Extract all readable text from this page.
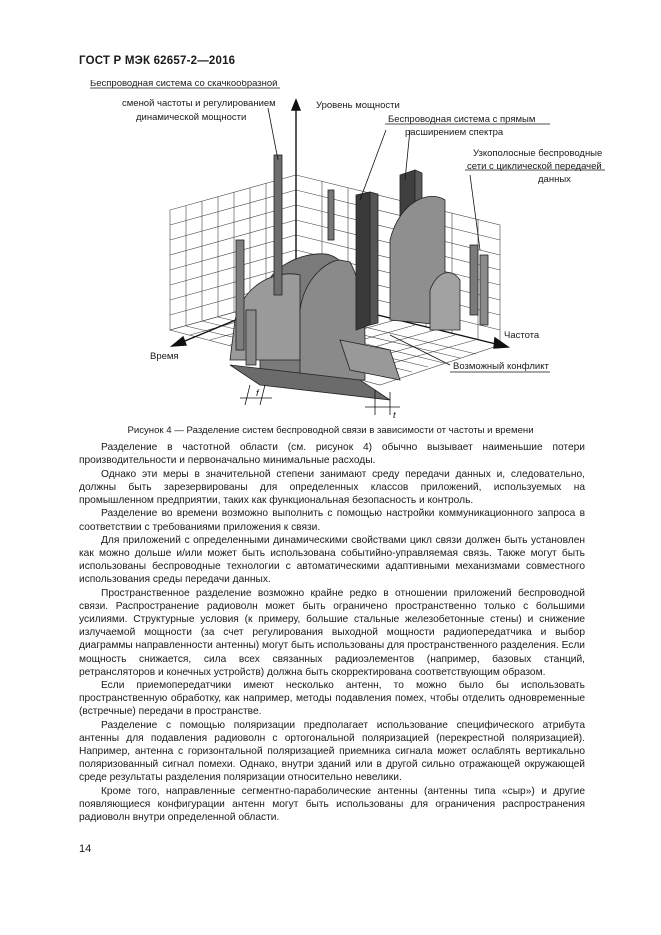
ГОСТ Р МЭК 62657-2—2016
Беспроводная система со скачкообразной
сменой частоты и регулированием
динамической мощности
Уровень мощности
Беспроводная система с прямым
расширением спектра
Узкополосные беспроводные
сети с циклической передачей
данных
Время
Частота
Возможный конфликт
f
t
Рисунок 4 — Разделение систем беспроводной связи в зависимости от частоты и времени

Разделение в частотной области (см. рисунок 4) обычно вызывает наименьшие потери производительности и первоначально минимальные расходы.

Однако эти меры в значительной степени занимают среду передачи данных и, следовательно, должны быть зарезервированы для определенных классов приложений, используемых на промышленном предприятии, таких как функциональная безопасность и контроль.

Разделение во времени возможно выполнить с помощью настройки коммуникационного запроса в соответствии с требованиями приложения к связи.

Для приложений с определенными динамическими свойствами цикл связи должен быть установлен как можно дольше и/или может быть использована событийно-управляемая связь. Также могут быть использованы беспроводные технологии с автоматическими адаптивными механизмами совместного использования среды передачи данных.

Пространственное разделение возможно крайне редко в отношении приложений беспроводной связи. Распространение радиоволн может быть ограничено пространственно только с большими усилиями. Структурные условия (к примеру, большие стальные железобетонные стены) и снижение излучаемой мощности (за счет регулирования выходной мощности радиопередатчика и выбор диаграммы направленности антенны) могут быть использованы для пространственного разделения. Если мощность снижается, сила всех связанных радиоэлементов (например, базовых станций, ретрансляторов и конечных устройств) должна быть скорректирована соответствующим образом.

Если приемопередатчики имеют несколько антенн, то можно было бы использовать пространственную обработку, как например, методы подавления помех, чтобы отделить одновременные (встречные) передачи в пространстве.

Разделение с помощью поляризации предполагает использование специфического атрибута антенны для подавления радиоволн с ортогональной поляризацией (перекрестной поляризацией). Например, антенна с горизонтальной поляризацией приемника сигнала может ослаблять вертикально поляризованный сигнал помехи. Однако, внутри зданий или в другой сильно отражающей окружающей среде результаты разделения поляризации относительно невелики.

Кроме того, направленные сегментно-параболические антенны (антенны типа «сыр») и другие появляющиеся конфигурации антенн могут быть использованы для ограничения распространения радиоволн внутри определенной области.

14
